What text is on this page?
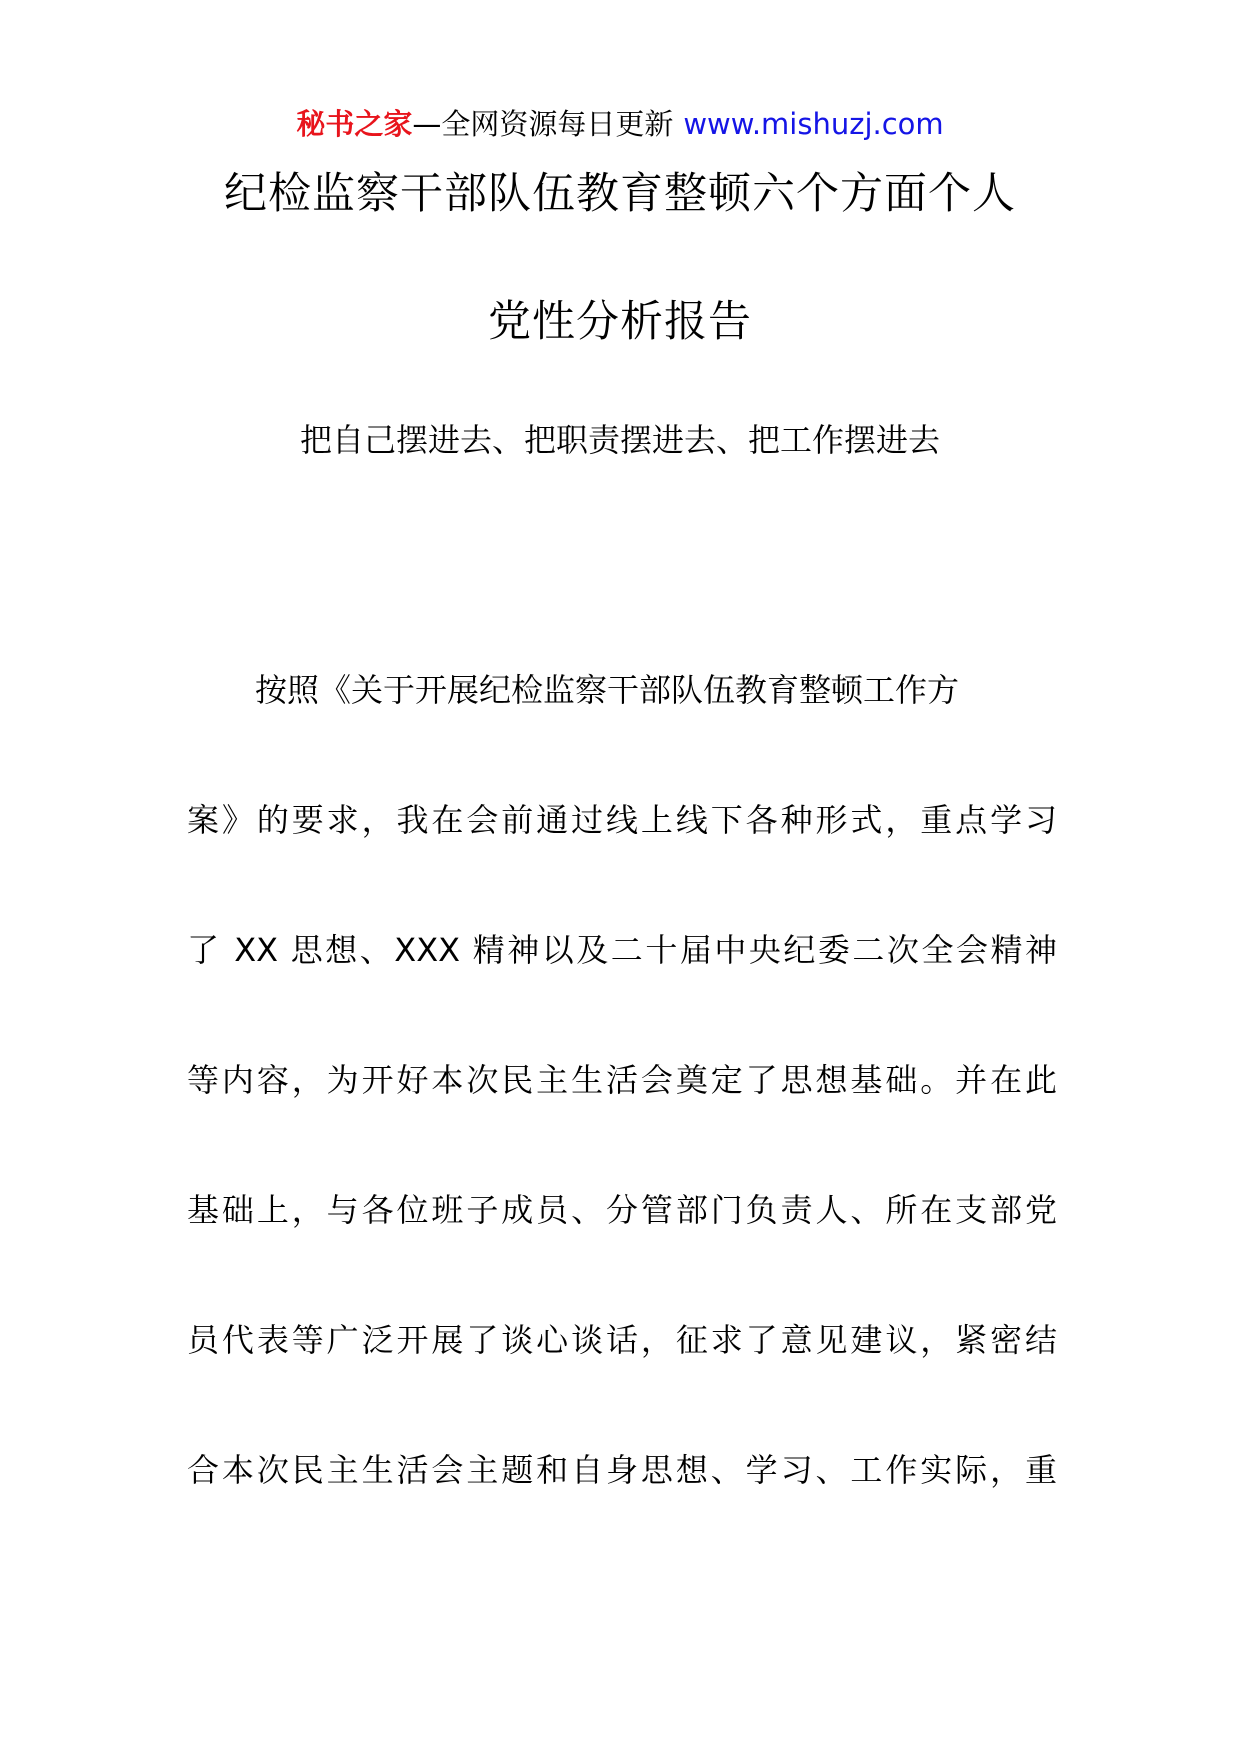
秘书之家—全网资源每日更新 www.mishuzj.com
纪检监察干部队伍教育整顿六个方面个人
党性分析报告
把自己摆进去、把职责摆进去、把工作摆进去
按照《关于开展纪检监察干部队伍教育整顿工作方
案》的要求，我在会前通过线上线下各种形式，重点学习
了 XX 思想、XXX 精神以及二十届中央纪委二次全会精神
等内容，为开好本次民主生活会奠定了思想基础。并在此
基础上，与各位班子成员、分管部门负责人、所在支部党
员代表等广泛开展了谈心谈话，征求了意见建议，紧密结
合本次民主生活会主题和自身思想、学习、工作实际，重
